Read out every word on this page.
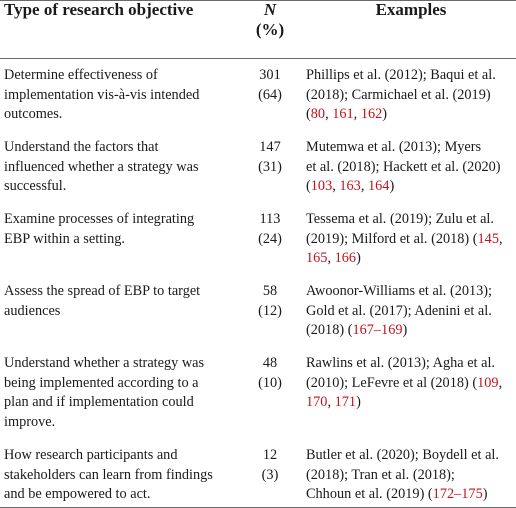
Type of research objective	N
(%)
Examples
Determine effectiveness of
implementation vis-à-vis intended
outcomes.
301
(64)
Phillips et al. (2012); Baqui et al.
(2018); Carmichael et al. (2019)
(80, 161, 162)
Understand the factors that
influenced whether a strategy was
successful.
147
(31)
Mutemwa et al. (2013); Myers
et al. (2018); Hackett et al. (2020)
(103, 163, 164)
Examine processes of integrating
EBP within a setting.
113
(24)
Tessema et al. (2019); Zulu et al.
(2019); Milford et al. (2018) (145,
165, 166)
Assess the spread of EBP to target
audiences
58
(12)
Awoonor-Williams et al. (2013);
Gold et al. (2017); Adenini et al.
(2018) (167–169)
Understand whether a strategy was
being implemented according to a
plan and if implementation could
improve.
48
(10)
Rawlins et al. (2013); Agha et al.
(2010); LeFevre et al (2018) (109,
170, 171)
How research participants and
stakeholders can learn from findings
and be empowered to act.
12
(3)
Butler et al. (2020); Boydell et al.
(2018); Tran et al. (2018);
Chhoun et al. (2019) (172–175)
